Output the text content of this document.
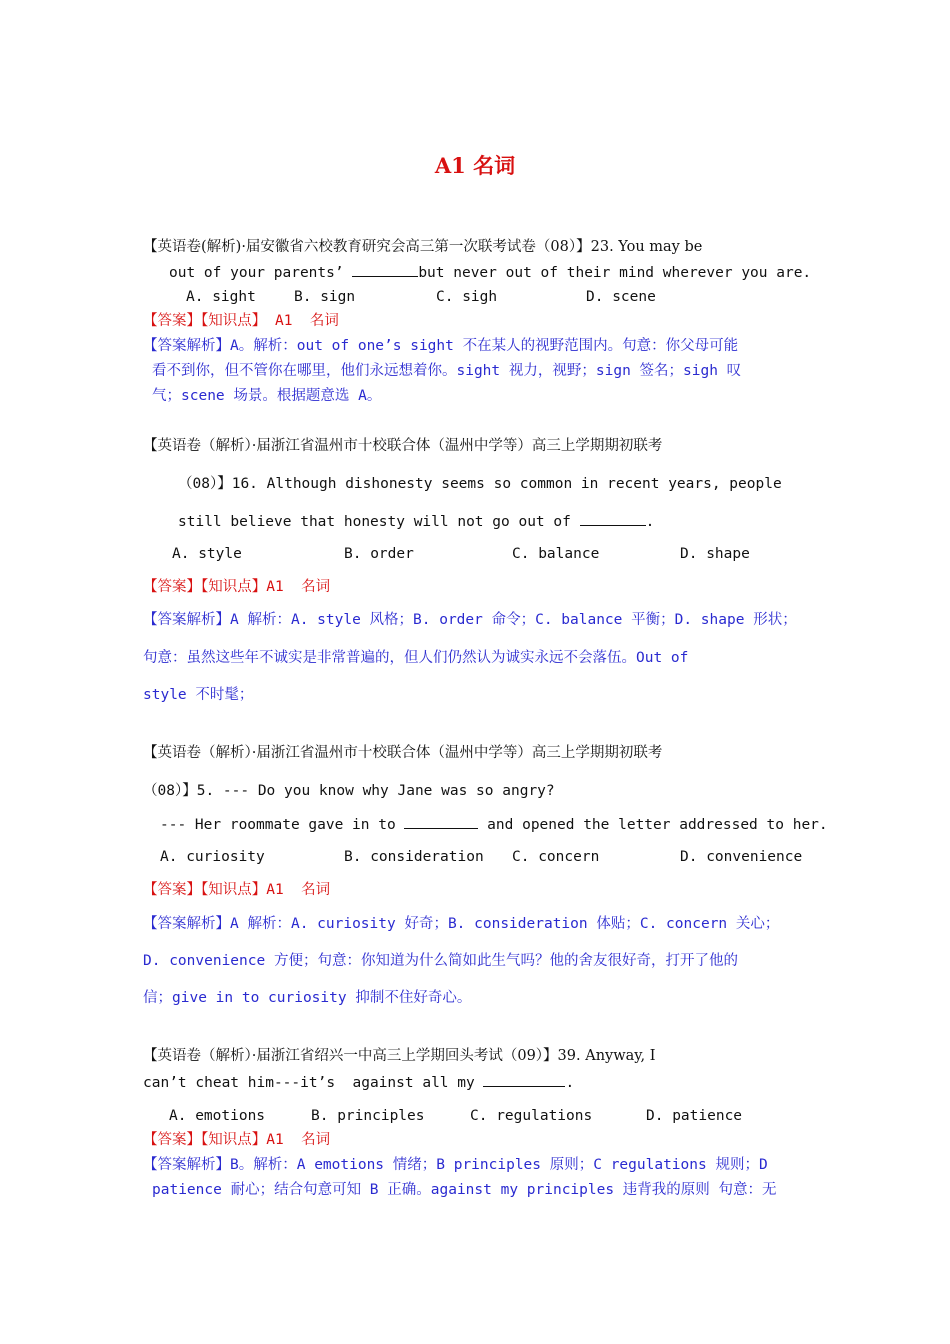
A1 名词
【英语卷(解析)·届安徽省六校教育研究会高三第一次联考试卷（08）】23. You may be
out of your parents’	but never out of their mind wherever you are.
A. sight	B. sign	C. sigh	D. scene
【答案】【知识点】 A1  名词
【答案解析】A。解析：out of one’s sight 不在某人的视野范围内。句意：你父母可能
看不到你，但不管你在哪里，他们永远想着你。sight 视力，视野；sign 签名；sigh 叹
气；scene 场景。根据题意选 A。
【英语卷（解析）·届浙江省温州市十校联合体（温州中学等）高三上学期期初联考
（08）】16. Although dishonesty seems so common in recent years, people
still believe that honesty will not go out of	.
A. style	B. order	C. balance	D. shape
【答案】【知识点】A1  名词
【答案解析】A 解析：A. style 风格；B. order 命令；C. balance 平衡；D. shape 形状；
句意：虽然这些年不诚实是非常普遍的，但人们仍然认为诚实永远不会落伍。Out of
style 不时髦；
【英语卷（解析）·届浙江省温州市十校联合体（温州中学等）高三上学期期初联考
（08）】5. --- Do you know why Jane was so angry?
--- Her roommate gave in to	and opened the letter addressed to her.
A. curiosity	B. consideration C. concern	D. convenience
【答案】【知识点】A1  名词
【答案解析】A 解析：A. curiosity 好奇；B. consideration 体贴；C. concern 关心；
D. convenience 方便；句意：你知道为什么简如此生气吗？他的舍友很好奇，打开了他的
信；give in to curiosity 抑制不住好奇心。
【英语卷（解析）·届浙江省绍兴一中高三上学期回头考试（09）】39. Anyway, I
can’t cheat him---it’s  against all my	.
A. emotions	B. principles	C. regulations	D. patience
【答案】【知识点】A1  名词
【答案解析】B。解析：A emotions 情绪；B principles 原则；C regulations 规则；D
patience 耐心；结合句意可知 B 正确。against my principles 违背我的原则 句意：无
